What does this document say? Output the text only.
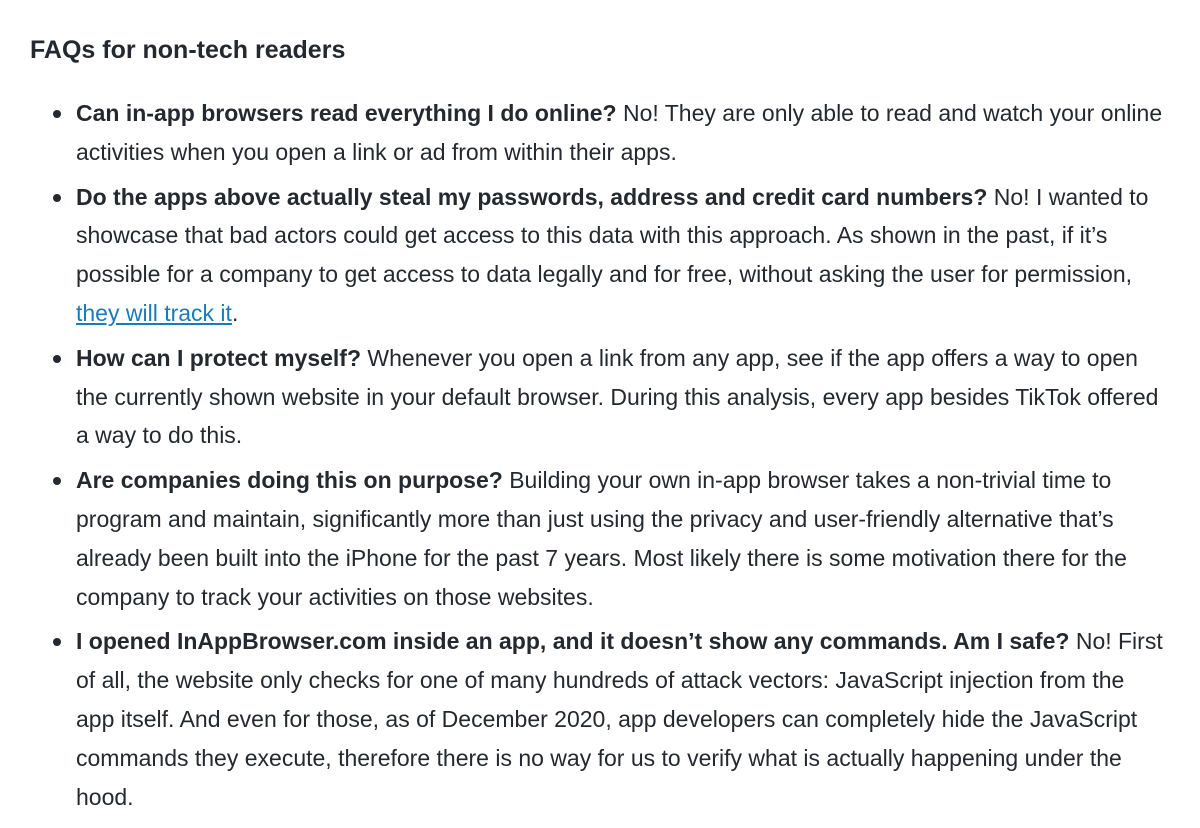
FAQs for non-tech readers
Can in-app browsers read everything I do online? No! They are only able to read and watch your online activities when you open a link or ad from within their apps.
Do the apps above actually steal my passwords, address and credit card numbers? No! I wanted to showcase that bad actors could get access to this data with this approach. As shown in the past, if it’s possible for a company to get access to data legally and for free, without asking the user for permission, they will track it.
How can I protect myself? Whenever you open a link from any app, see if the app offers a way to open the currently shown website in your default browser. During this analysis, every app besides TikTok offered a way to do this.
Are companies doing this on purpose? Building your own in-app browser takes a non-trivial time to program and maintain, significantly more than just using the privacy and user-friendly alternative that’s already been built into the iPhone for the past 7 years. Most likely there is some motivation there for the company to track your activities on those websites.
I opened InAppBrowser.com inside an app, and it doesn’t show any commands. Am I safe? No! First of all, the website only checks for one of many hundreds of attack vectors: JavaScript injection from the app itself. And even for those, as of December 2020, app developers can completely hide the JavaScript commands they execute, therefore there is no way for us to verify what is actually happening under the hood.
